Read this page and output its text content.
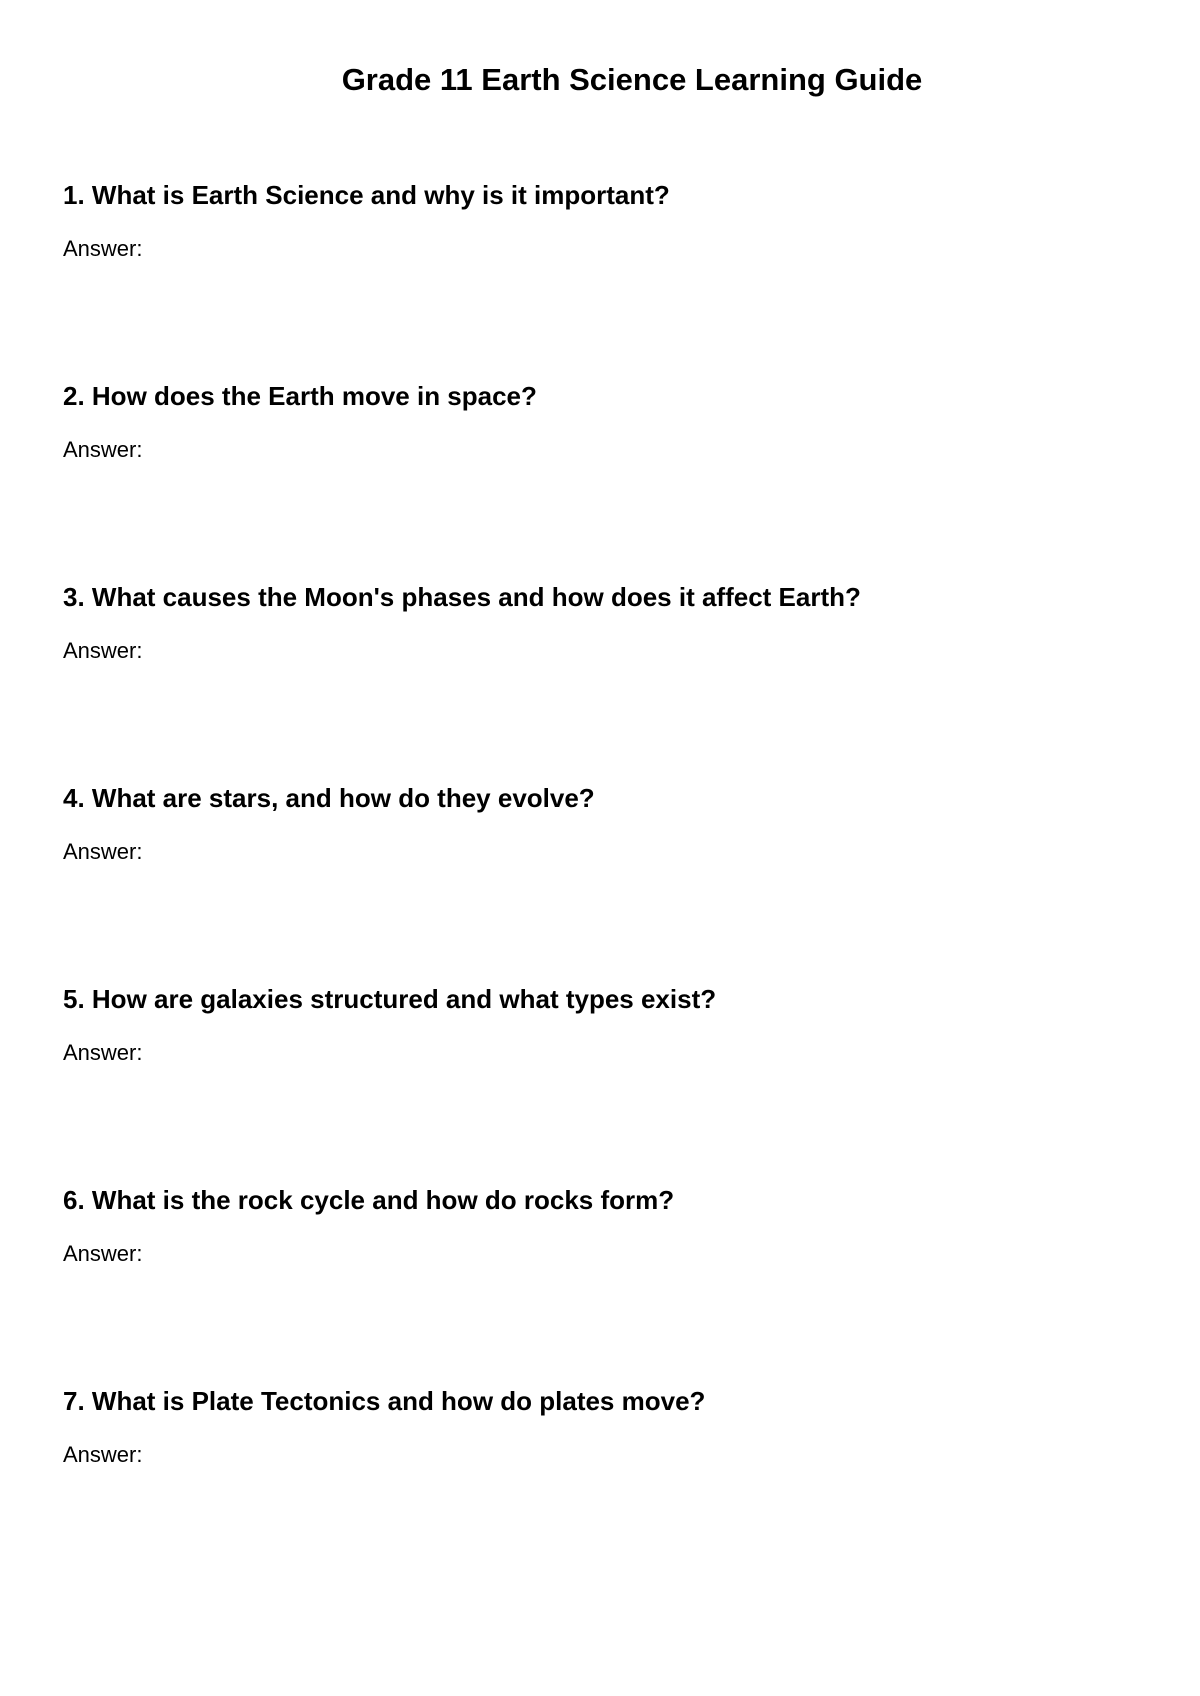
Grade 11 Earth Science Learning Guide

1. What is Earth Science and why is it important?

Answer:

2. How does the Earth move in space?

Answer:

3. What causes the Moon's phases and how does it affect Earth?

Answer:

4. What are stars, and how do they evolve?

Answer:

5. How are galaxies structured and what types exist?

Answer:

6. What is the rock cycle and how do rocks form?

Answer:

7. What is Plate Tectonics and how do plates move?

Answer:
